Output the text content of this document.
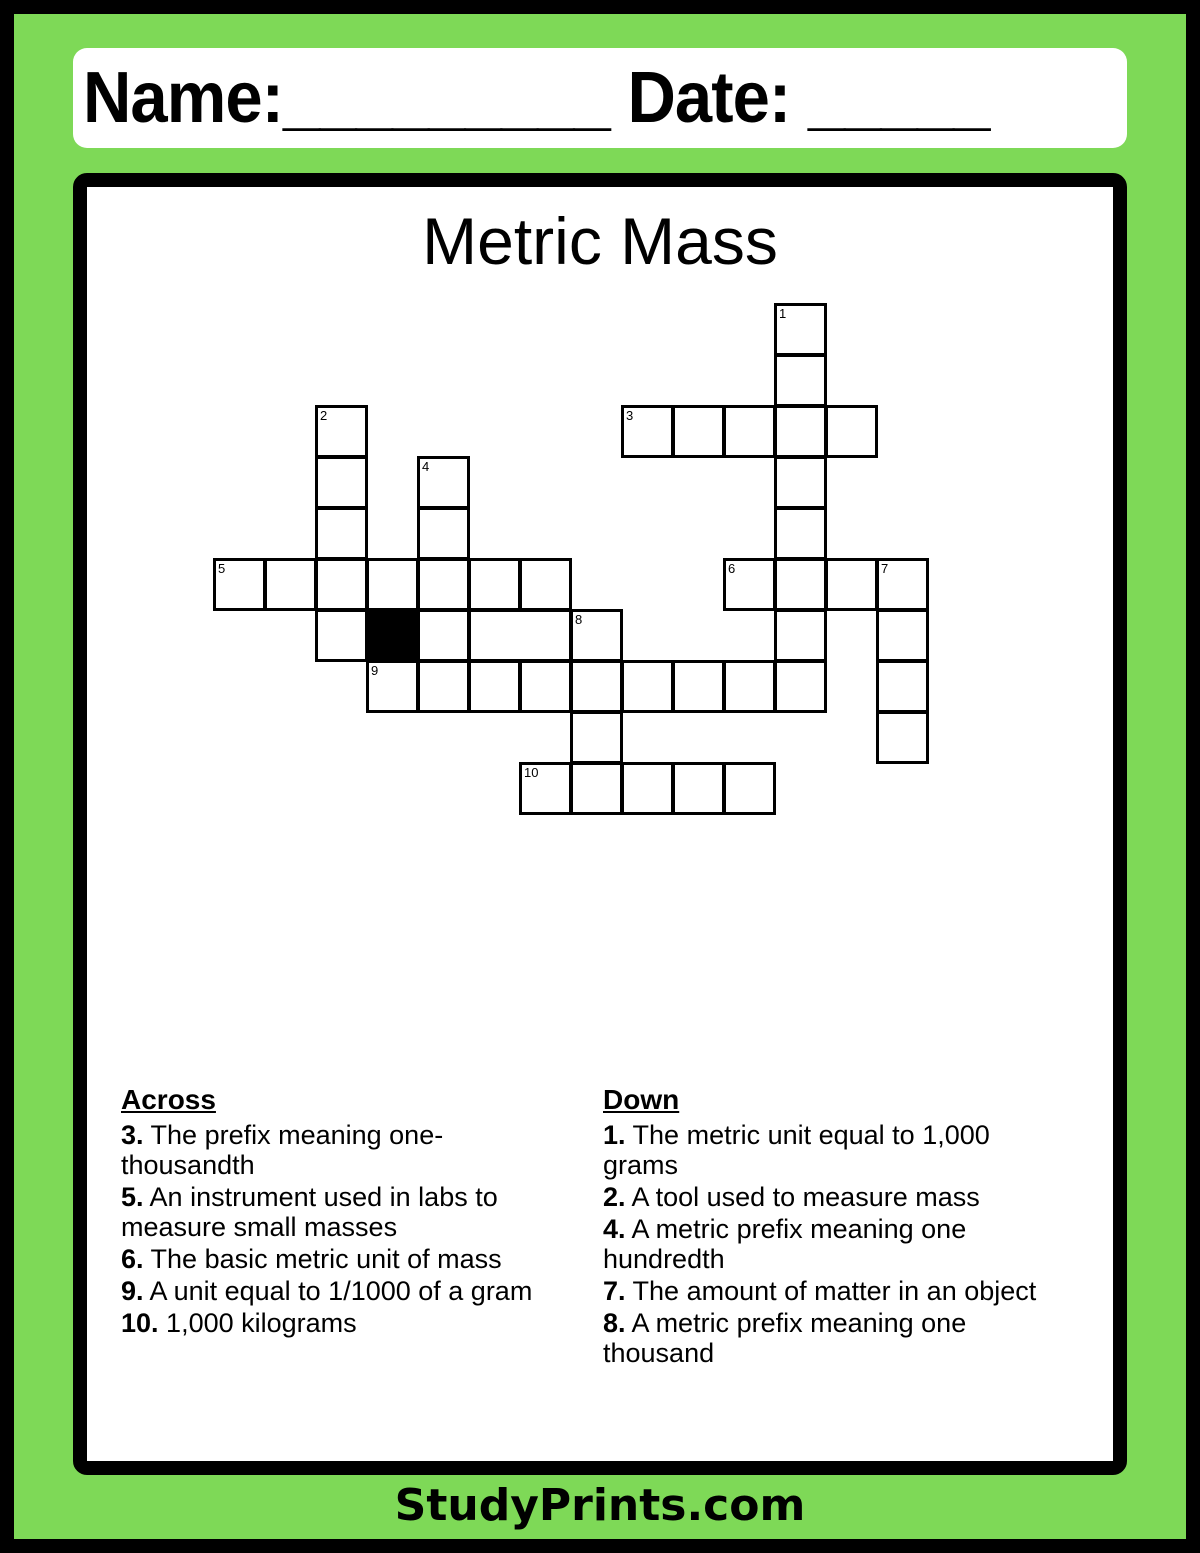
Name:_________ Date: _____
Metric Mass
1
2	3
4
5	6	7
8
9
10
Across
3. The prefix meaning one-thousandth
5. An instrument used in labs to measure small masses
6. The basic metric unit of mass
9. A unit equal to 1/1000 of a gram
10. 1,000 kilograms
Down
1. The metric unit equal to 1,000 grams
2. A tool used to measure mass
4. A metric prefix meaning one hundredth
7. The amount of matter in an object
8. A metric prefix meaning one thousand
StudyPrints.com
